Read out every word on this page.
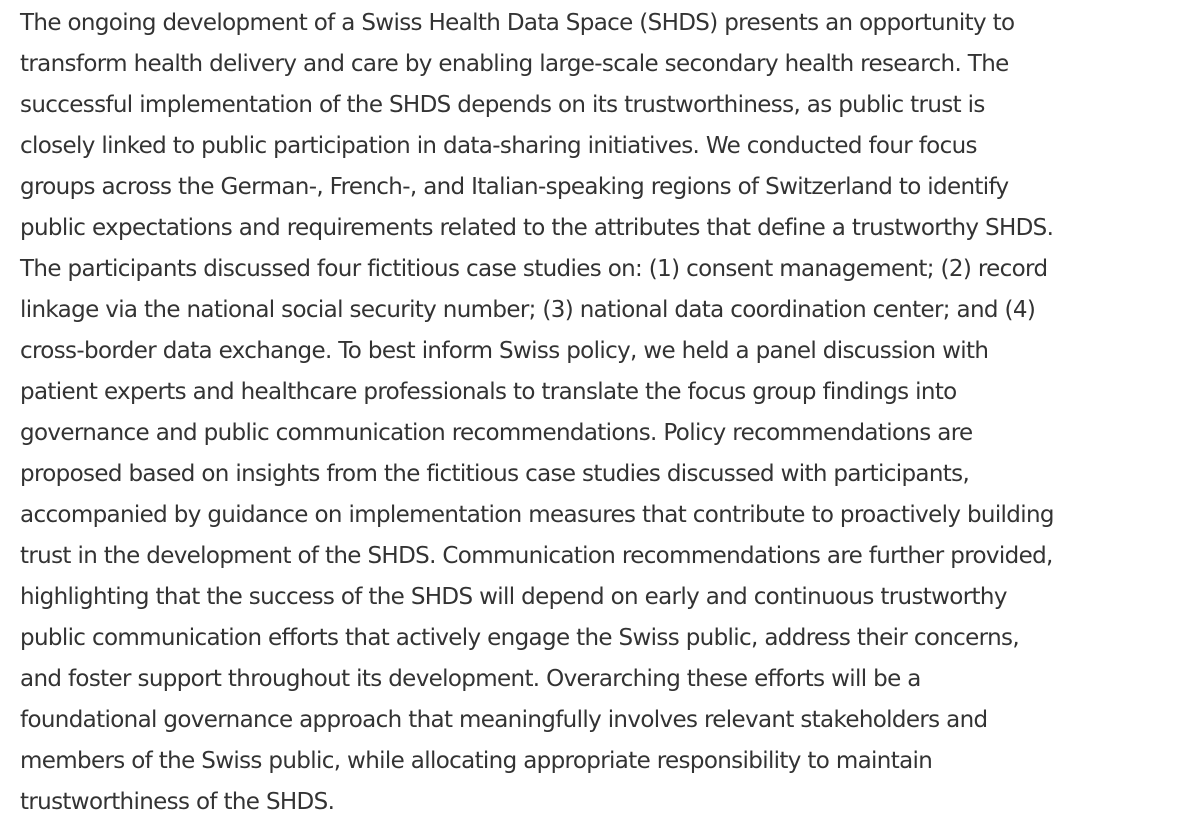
The ongoing development of a Swiss Health Data Space (SHDS) presents an opportunity to
transform health delivery and care by enabling large-scale secondary health research. The
successful implementation of the SHDS depends on its trustworthiness, as public trust is
closely linked to public participation in data-sharing initiatives. We conducted four focus
groups across the German-, French-, and Italian-speaking regions of Switzerland to identify
public expectations and requirements related to the attributes that define a trustworthy SHDS.
The participants discussed four fictitious case studies on: (1) consent management; (2) record
linkage via the national social security number; (3) national data coordination center; and (4)
cross-border data exchange. To best inform Swiss policy, we held a panel discussion with
patient experts and healthcare professionals to translate the focus group findings into
governance and public communication recommendations. Policy recommendations are
proposed based on insights from the fictitious case studies discussed with participants,
accompanied by guidance on implementation measures that contribute to proactively building
trust in the development of the SHDS. Communication recommendations are further provided,
highlighting that the success of the SHDS will depend on early and continuous trustworthy
public communication efforts that actively engage the Swiss public, address their concerns,
and foster support throughout its development. Overarching these efforts will be a
foundational governance approach that meaningfully involves relevant stakeholders and
members of the Swiss public, while allocating appropriate responsibility to maintain
trustworthiness of the SHDS.
